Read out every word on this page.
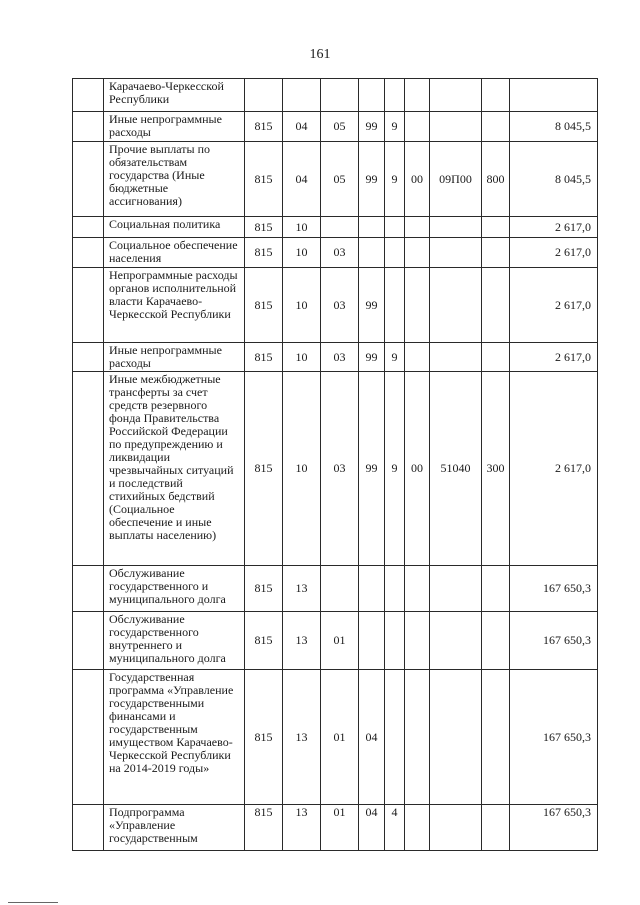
161
	Карачаево-Черкесской Республики									
	Иные непрограммные расходы	815	04	05	99	9				8 045,5
	Прочие выплаты по обязательствам государства (Иные бюджетные ассигнования)	815	04	05	99	9	00	09П00	800	8 045,5
	Социальная политика	815	10							2 617,0
	Социальное обеспечение населения	815	10	03						2 617,0
	Непрограммные расходы органов исполнительной власти Карачаево-Черкесской Республики	815	10	03	99					2 617,0
	Иные непрограммные расходы	815	10	03	99	9				2 617,0
	Иные межбюджетные трансферты за счет средств резервного фонда Правительства Российской Федерации по предупреждению и ликвидации чрезвычайных ситуаций и последствий стихийных бедствий (Социальное обеспечение и иные выплаты населению)	815	10	03	99	9	00	51040	300	2 617,0
	Обслуживание государственного и муниципального долга	815	13							167 650,3
	Обслуживание государственного внутреннего и муниципального долга	815	13	01						167 650,3
	Государственная программа «Управление государственными финансами и государственным имуществом Карачаево-Черкесской Республики на 2014-2019 годы»	815	13	01	04					167 650,3
	Подпрограмма «Управление государственным	815	13	01	04	4				167 650,3
